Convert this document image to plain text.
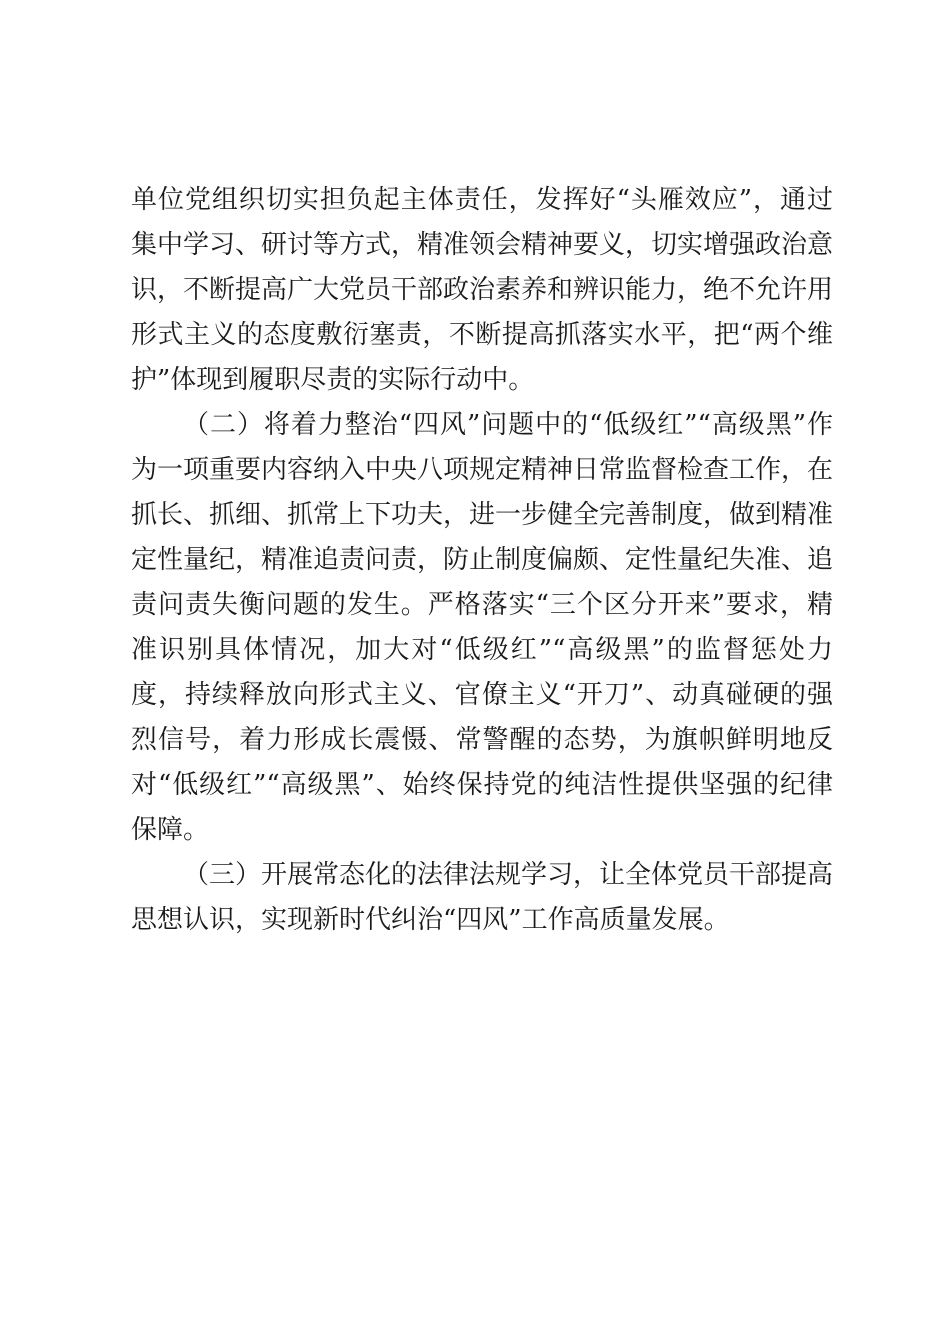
单位党组织切实担负起主体责任，发挥好“头雁效应”，通过集中学习、研讨等方式，精准领会精神要义，切实增强政治意识，不断提高广大党员干部政治素养和辨识能力，绝不允许用形式主义的态度敷衍塞责，不断提高抓落实水平，把“两个维护”体现到履职尽责的实际行动中。

（二）将着力整治“四风”问题中的“低级红”“高级黑”作为一项重要内容纳入中央八项规定精神日常监督检查工作，在抓长、抓细、抓常上下功夫，进一步健全完善制度，做到精准定性量纪，精准追责问责，防止制度偏颇、定性量纪失准、追责问责失衡问题的发生。严格落实“三个区分开来”要求，精准识别具体情况，加大对“低级红”“高级黑”的监督惩处力度，持续释放向形式主义、官僚主义“开刀”、动真碰硬的强烈信号，着力形成长震慑、常警醒的态势，为旗帜鲜明地反对“低级红”“高级黑”、始终保持党的纯洁性提供坚强的纪律保障。

（三）开展常态化的法律法规学习，让全体党员干部提高思想认识，实现新时代纠治“四风”工作高质量发展。
